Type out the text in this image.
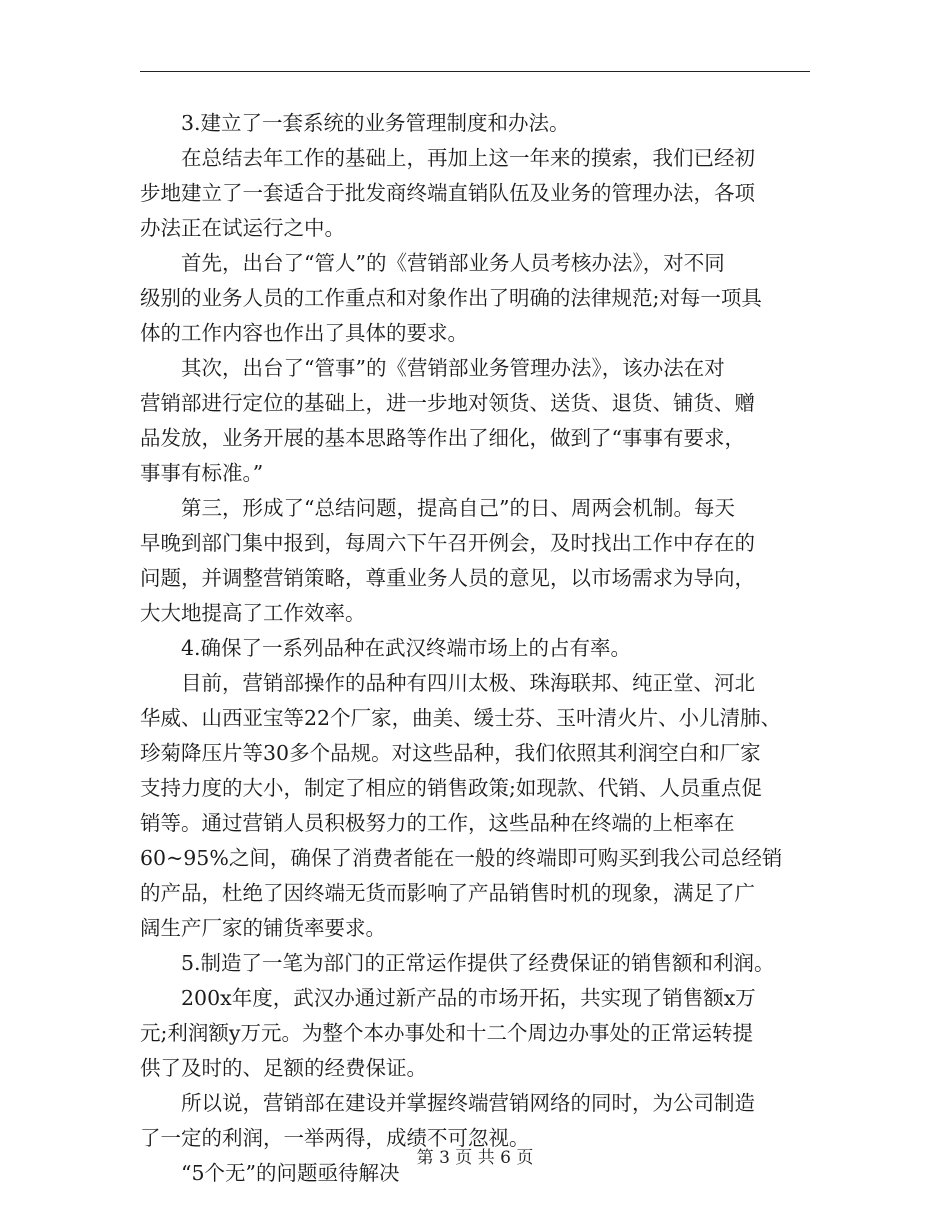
3.建立了一套系统的业务管理制度和办法。
在总结去年工作的基础上，再加上这一年来的摸索，我们已经初
步地建立了一套适合于批发商终端直销队伍及业务的管理办法，各项
办法正在试运行之中。
首先，出台了“管人”的《营销部业务人员考核办法》，对不同
级别的业务人员的工作重点和对象作出了明确的法律规范;对每一项具
体的工作内容也作出了具体的要求。
其次，出台了“管事”的《营销部业务管理办法》，该办法在对
营销部进行定位的基础上，进一步地对领货、送货、退货、铺货、赠
品发放，业务开展的基本思路等作出了细化，做到了“事事有要求，
事事有标准。”
第三，形成了“总结问题，提高自己”的日、周两会机制。每天
早晚到部门集中报到，每周六下午召开例会，及时找出工作中存在的
问题，并调整营销策略，尊重业务人员的意见，以市场需求为导向，
大大地提高了工作效率。
4.确保了一系列品种在武汉终端市场上的占有率。
目前，营销部操作的品种有四川太极、珠海联邦、纯正堂、河北
华威、山西亚宝等22个厂家，曲美、缓士芬、玉叶清火片、小儿清肺、
珍菊降压片等30多个品规。对这些品种，我们依照其利润空白和厂家
支持力度的大小，制定了相应的销售政策;如现款、代销、人员重点促
销等。通过营销人员积极努力的工作，这些品种在终端的上柜率在
60~95%之间，确保了消费者能在一般的终端即可购买到我公司总经销
的产品，杜绝了因终端无货而影响了产品销售时机的现象，满足了广
阔生产厂家的铺货率要求。
5.制造了一笔为部门的正常运作提供了经费保证的销售额和利润。
200x年度，武汉办通过新产品的市场开拓，共实现了销售额x万
元;利润额y万元。为整个本办事处和十二个周边办事处的正常运转提
供了及时的、足额的经费保证。
所以说，营销部在建设并掌握终端营销网络的同时，为公司制造
了一定的利润，一举两得，成绩不可忽视。
“5个无”的问题亟待解决
第 3 页 共 6 页
